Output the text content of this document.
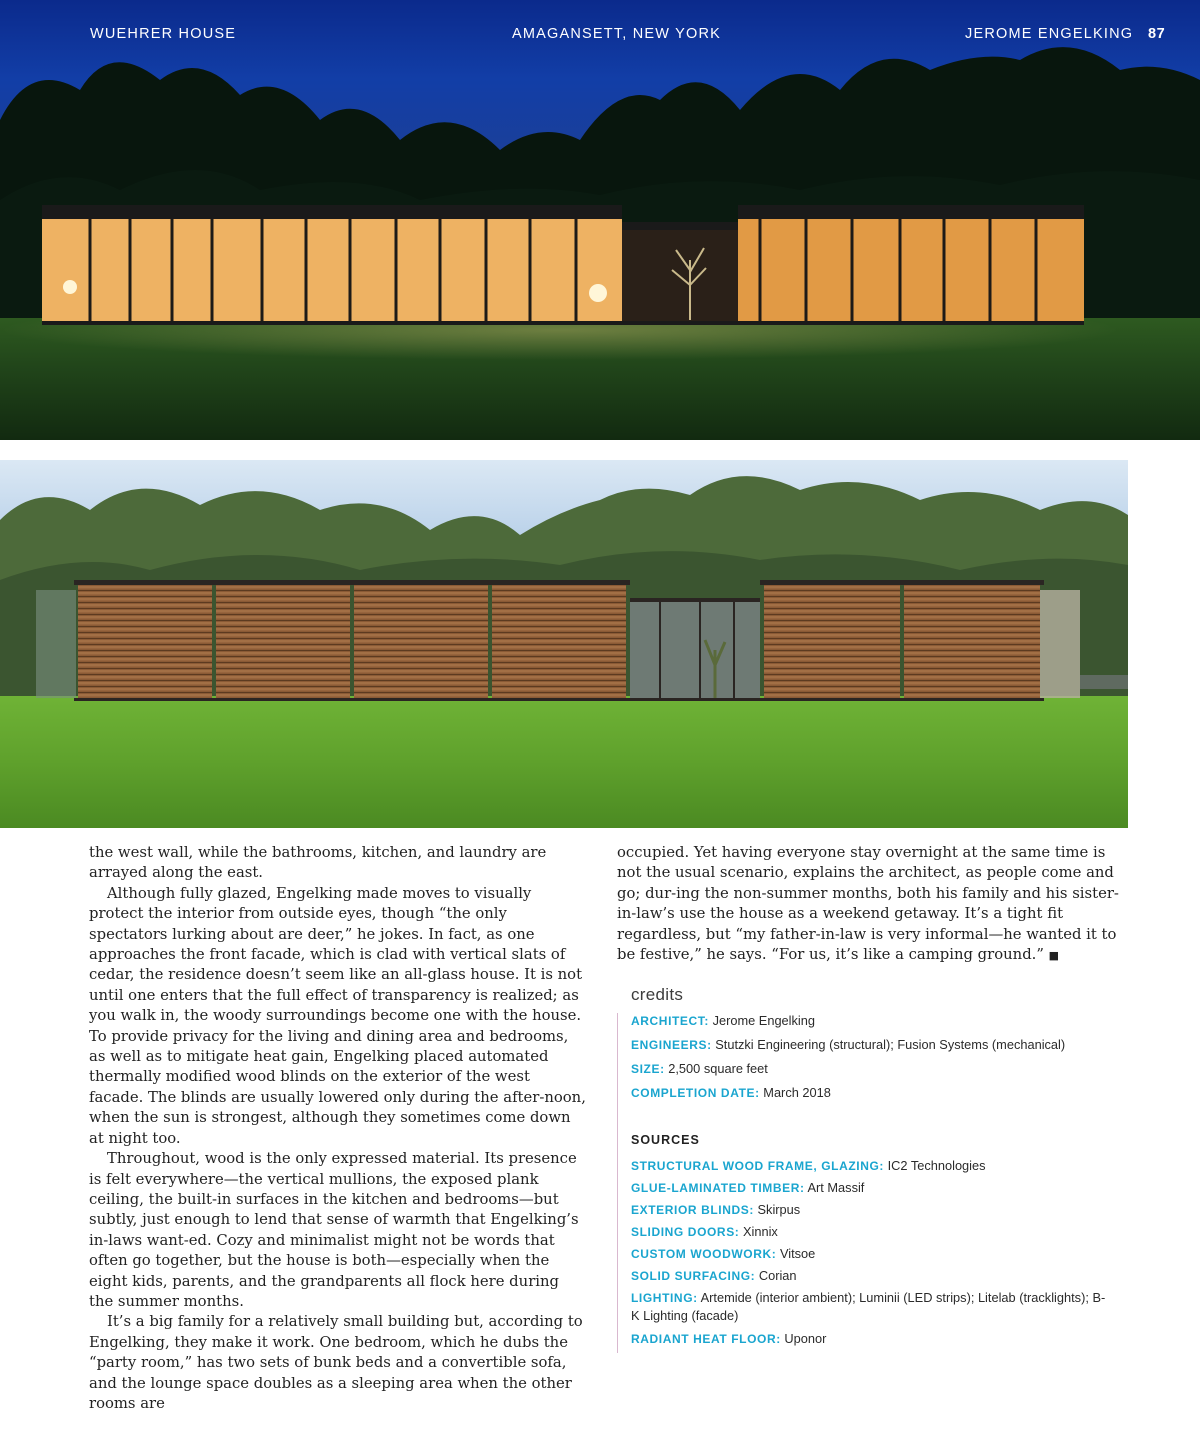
WUEHRER HOUSE	AMAGANSETT, NEW YORK	JEROME ENGELKING 87

the west wall, while the bathrooms, kitchen, and laundry are arrayed along the east.

Although fully glazed, Engelking made moves to visually protect the interior from outside eyes, though “the only spectators lurking about are deer,” he jokes. In fact, as one approaches the front facade, which is clad with vertical slats of cedar, the residence doesn’t seem like an all-glass house. It is not until one enters that the full effect of transparency is realized; as you walk in, the woody surroundings become one with the house. To provide privacy for the living and dining area and bedrooms, as well as to mitigate heat gain, Engelking placed automated thermally modified wood blinds on the exterior of the west facade. The blinds are usually lowered only during the after-noon, when the sun is strongest, although they sometimes come down at night too.

Throughout, wood is the only expressed material. Its presence is felt everywhere—the vertical mullions, the exposed plank ceiling, the built-in surfaces in the kitchen and bedrooms—but subtly, just enough to lend that sense of warmth that Engelking’s in-laws want-ed. Cozy and minimalist might not be words that often go together, but the house is both—especially when the eight kids, parents, and the grandparents all flock here during the summer months.

It’s a big family for a relatively small building but, according to Engelking, they make it work. One bedroom, which he dubs the “party room,” has two sets of bunk beds and a convertible sofa, and the lounge space doubles as a sleeping area when the other rooms are

occupied. Yet having everyone stay overnight at the same time is not the usual scenario, explains the architect, as people come and go; dur-ing the non-summer months, both his family and his sister-in-law’s use the house as a weekend getaway. It’s a tight fit regardless, but “my father-in-law is very informal—he wanted it to be festive,” he says. “For us, it’s like a camping ground.” ■

credits
ARCHITECT: Jerome Engelking
ENGINEERS: Stutzki Engineering (structural); Fusion Systems (mechanical)
SIZE: 2,500 square feet
COMPLETION DATE: March 2018
SOURCES
STRUCTURAL WOOD FRAME, GLAZING: IC2 Technologies
GLUE-LAMINATED TIMBER: Art Massif
EXTERIOR BLINDS: Skirpus
SLIDING DOORS: Xinnix
CUSTOM WOODWORK: Vitsoe
SOLID SURFACING: Corian
LIGHTING: Artemide (interior ambient); Luminii (LED strips); Litelab (tracklights); B-K Lighting (facade)
RADIANT HEAT FLOOR: Uponor
